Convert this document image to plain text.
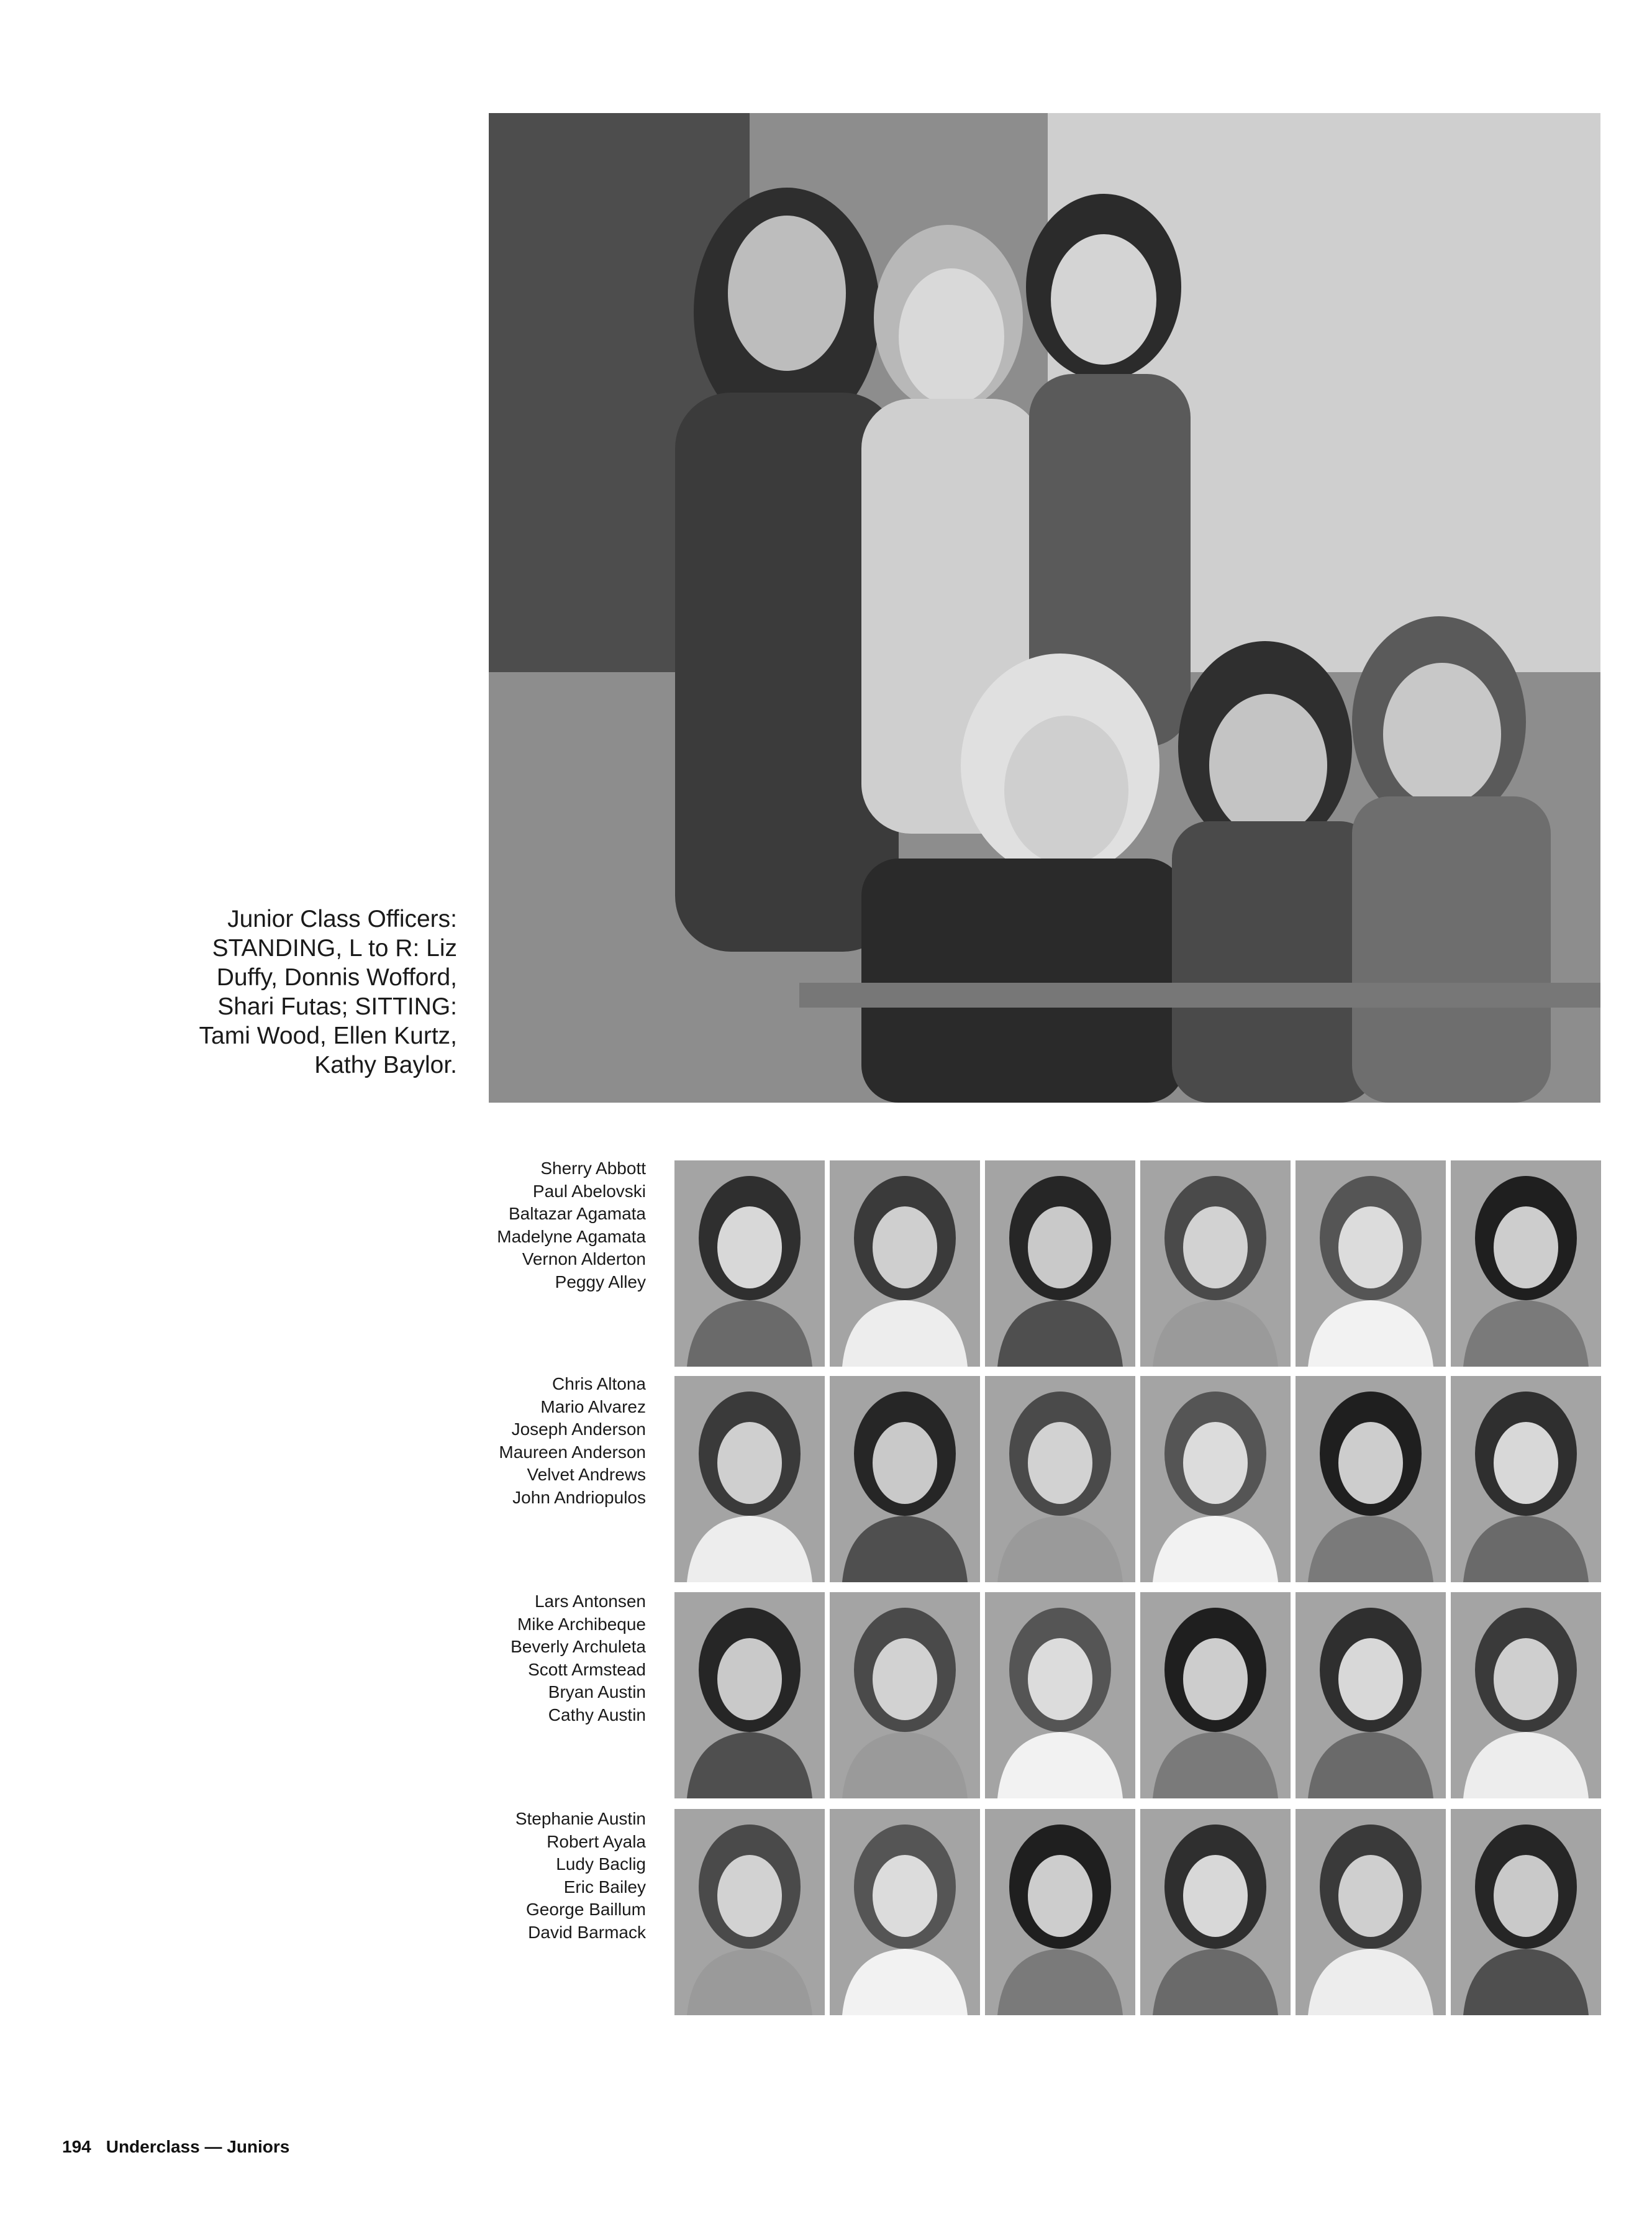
Junior Class Officers:
STANDING, L to R: Liz
Duffy, Donnis Wofford,
Shari Futas; SITTING:
Tami Wood, Ellen Kurtz,
Kathy Baylor.
Sherry Abbott
Paul Abelovski
Baltazar Agamata
Madelyne Agamata
Vernon Alderton
Peggy Alley
Chris Altona
Mario Alvarez
Joseph Anderson
Maureen Anderson
Velvet Andrews
John Andriopulos
Lars Antonsen
Mike Archibeque
Beverly Archuleta
Scott Armstead
Bryan Austin
Cathy Austin
Stephanie Austin
Robert Ayala
Ludy Baclig
Eric Bailey
George Baillum
David Barmack
194 Underclass — Juniors
